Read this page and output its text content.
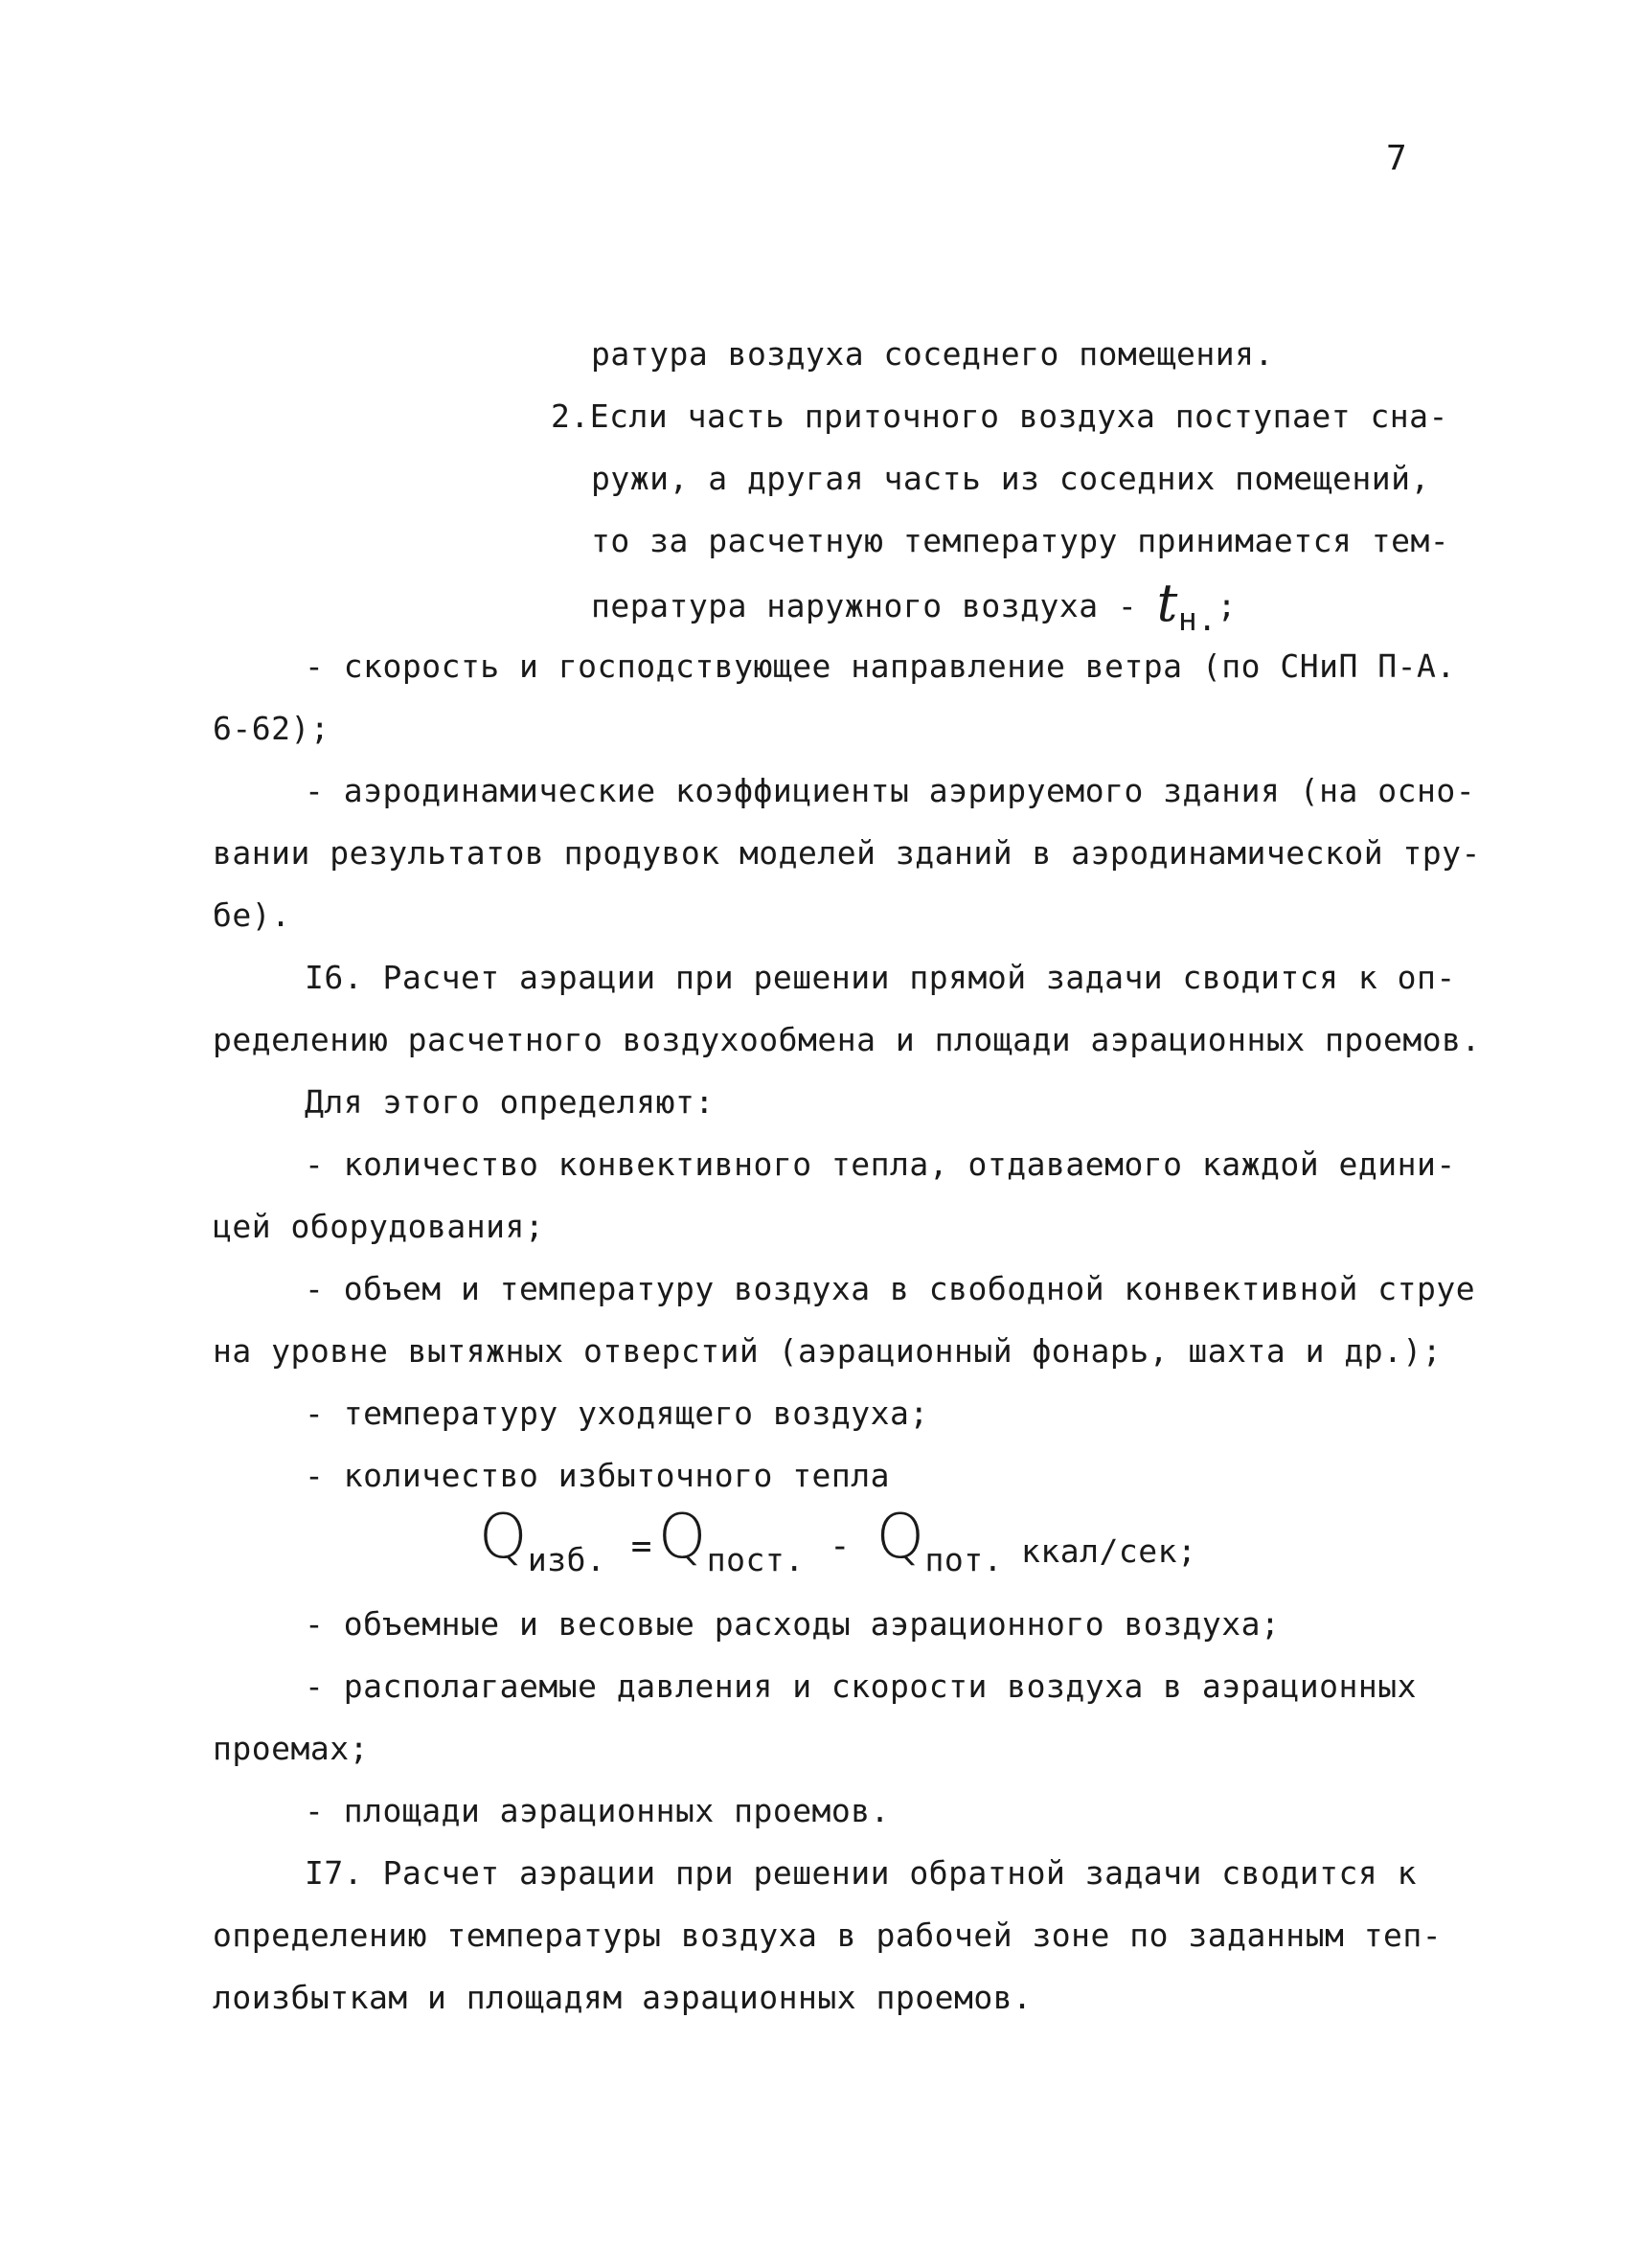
7
ратура воздуха соседнего помещения.
2.Если часть приточного воздуха поступает сна-
ружи, а другая часть из соседних помещений,
то за расчетную температуру принимается тем-
пература наружного воздуха - tн.;
- скорость и господствующее направление ветра (по СНиП П-А.
6-62);
- аэродинамические коэффициенты аэрируемого здания (на осно-
вании результатов продувок моделей зданий в аэродинамической тру-
бе).
I6. Расчет аэрации при решении прямой задачи сводится к оп-
ределению расчетного воздухообмена и площади аэрационных проемов.
Для этого определяют:
- количество конвективного тепла, отдаваемого каждой едини-
цей оборудования;
- объем и температуру воздуха в свободной конвективной струе
на уровне вытяжных отверстий (аэрационный фонарь, шахта и др.);
- температуру уходящего воздуха;
- количество избыточного тепла
Qизб. =Qпост. - Qпот. ккал/сек;
- объемные и весовые расходы аэрационного воздуха;
- располагаемые давления и скорости воздуха в аэрационных
проемах;
- площади аэрационных проемов.
I7. Расчет аэрации при решении обратной задачи сводится к
определению температуры воздуха в рабочей зоне по заданным теп-
лоизбыткам и площадям аэрационных проемов.
